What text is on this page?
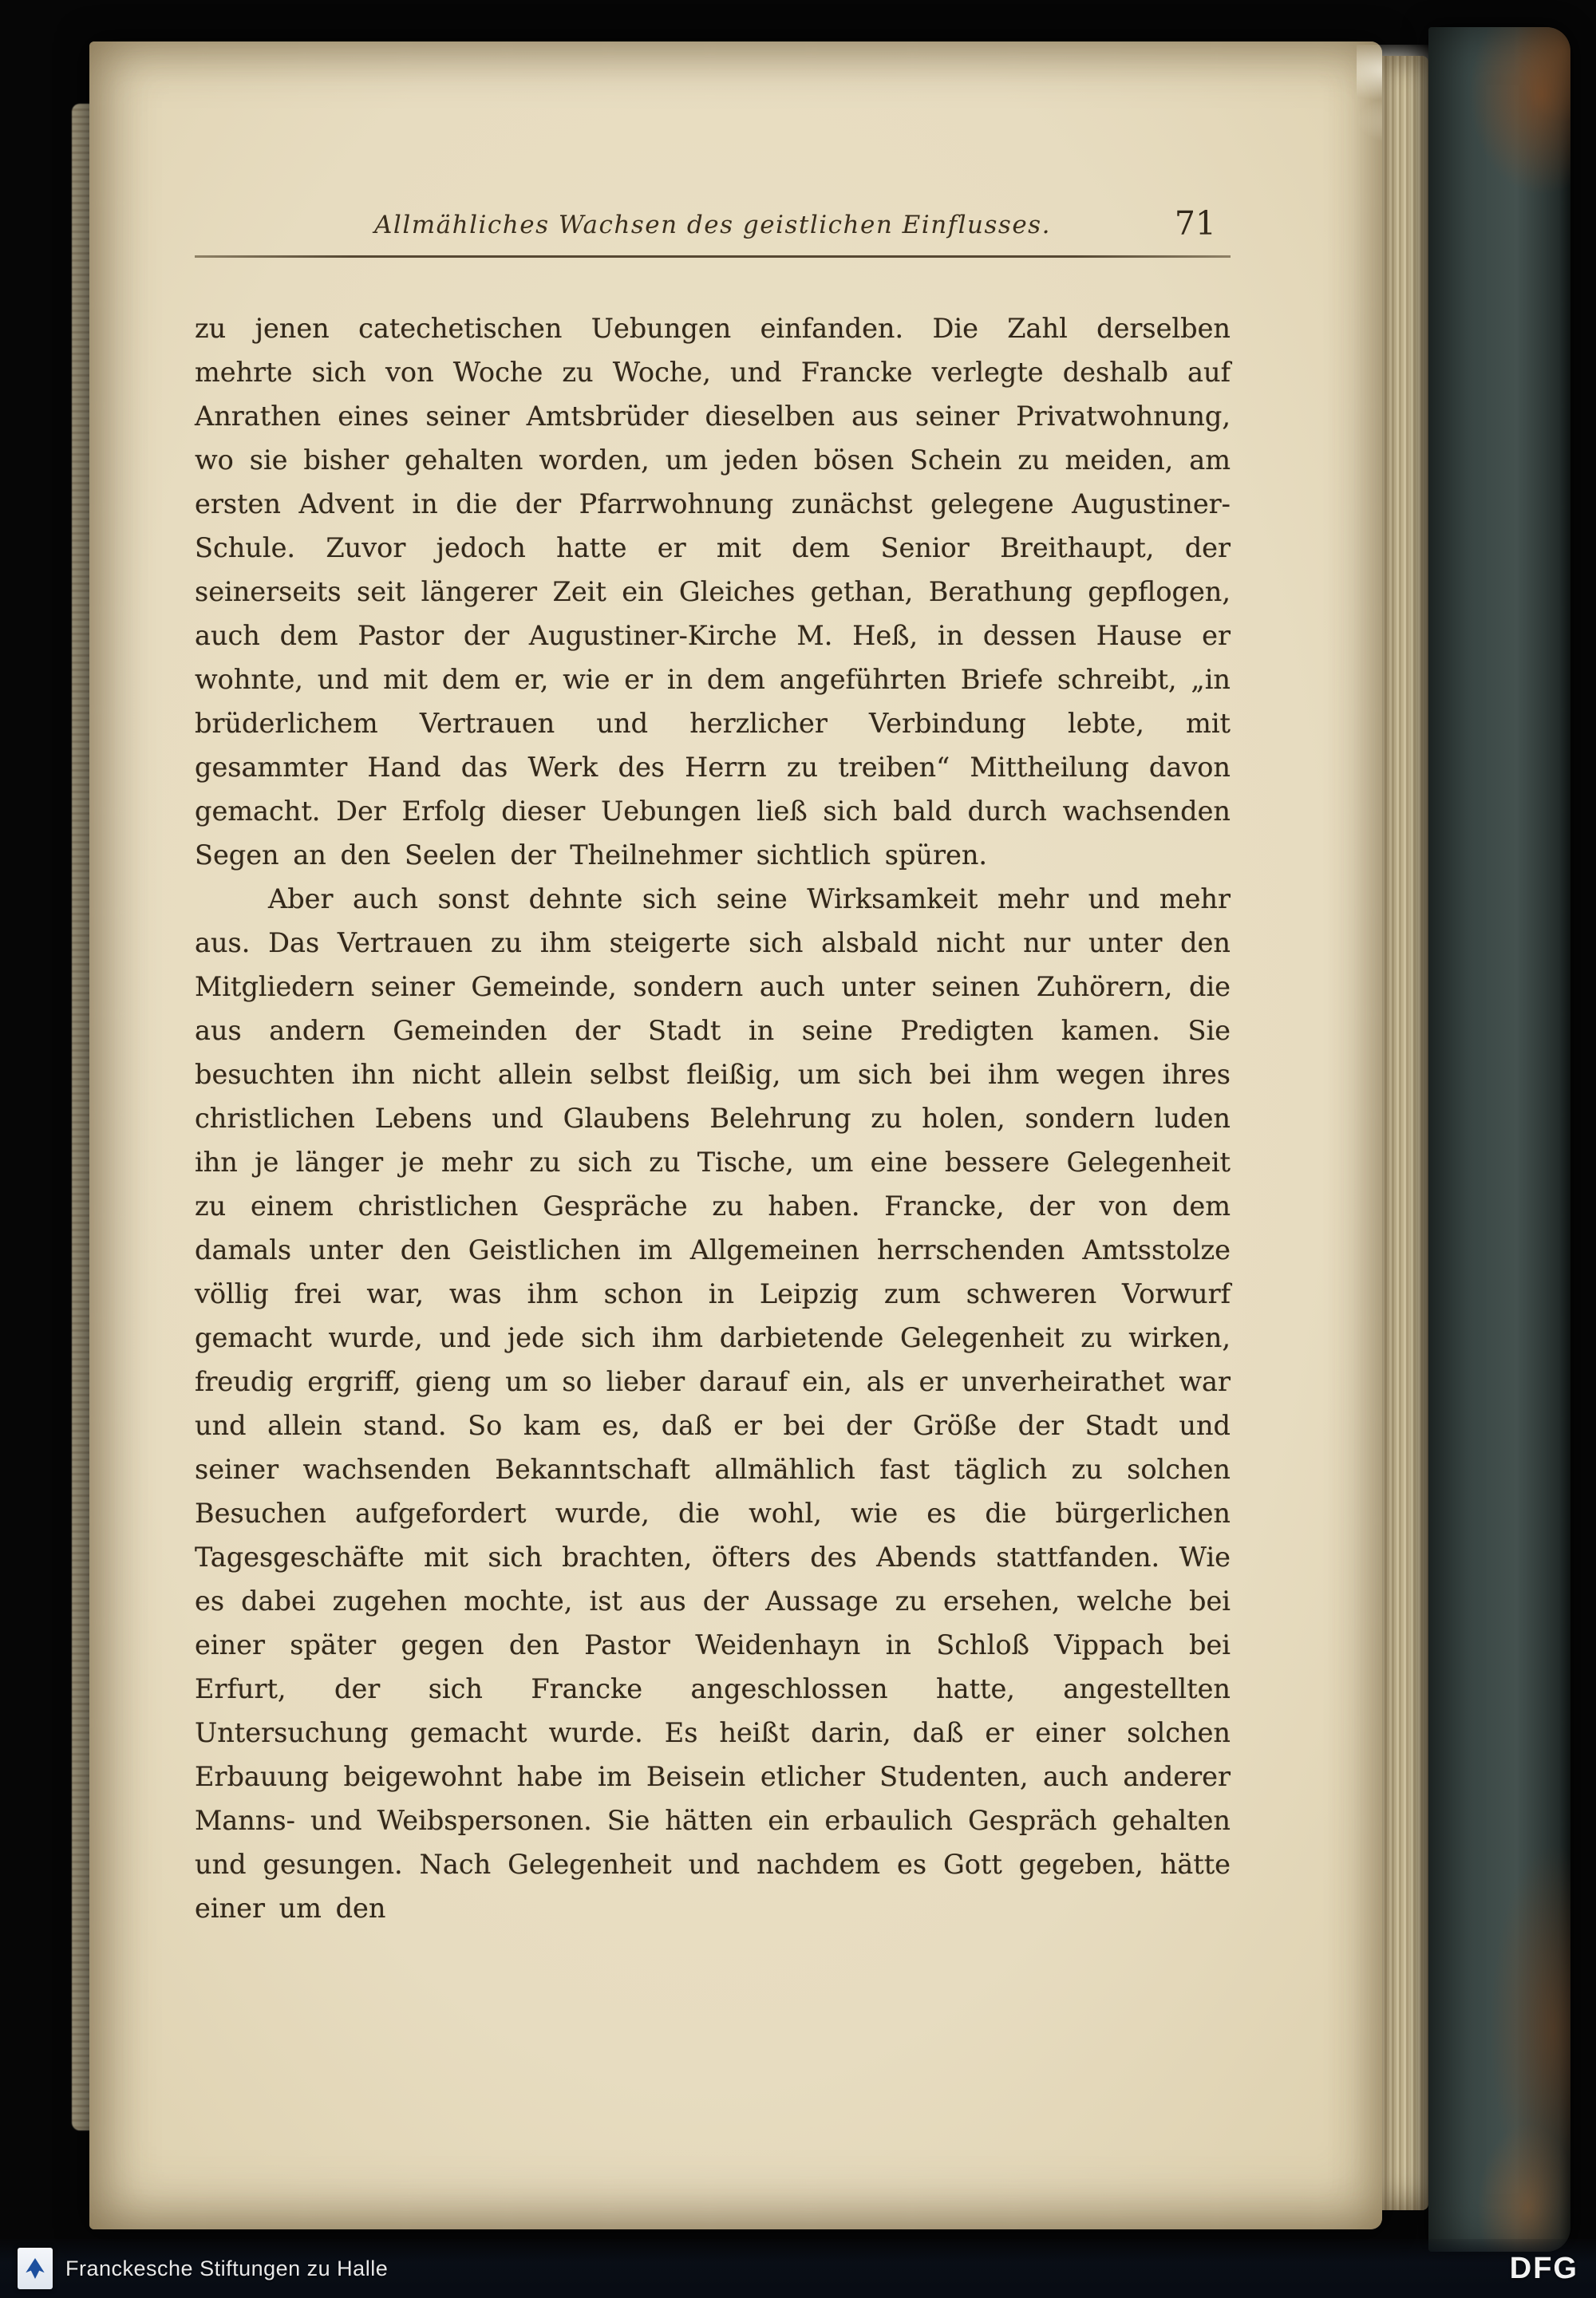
Allmähliches Wachsen des geistlichen Einflusses.	71

zu jenen catechetischen Uebungen einfanden. Die Zahl derselben mehrte sich von Woche zu Woche, und Francke verlegte deshalb auf Anrathen eines seiner Amtsbrüder dieselben aus seiner Privatwohnung, wo sie bisher gehalten worden, um jeden bösen Schein zu meiden, am ersten Advent in die der Pfarrwohnung zunächst gelegene Augustiner-Schule. Zuvor jedoch hatte er mit dem Senior Breithaupt, der seinerseits seit längerer Zeit ein Gleiches gethan, Berathung gepflogen, auch dem Pastor der Augustiner-Kirche M. Heß, in dessen Hause er wohnte, und mit dem er, wie er in dem angeführten Briefe schreibt, „in brüderlichem Vertrauen und herzlicher Verbindung lebte, mit gesammter Hand das Werk des Herrn zu treiben“ Mittheilung davon gemacht. Der Erfolg dieser Uebungen ließ sich bald durch wachsenden Segen an den Seelen der Theilnehmer sichtlich spüren.

Aber auch sonst dehnte sich seine Wirksamkeit mehr und mehr aus. Das Vertrauen zu ihm steigerte sich alsbald nicht nur unter den Mitgliedern seiner Gemeinde, sondern auch unter seinen Zuhörern, die aus andern Gemeinden der Stadt in seine Predigten kamen. Sie besuchten ihn nicht allein selbst fleißig, um sich bei ihm wegen ihres christlichen Lebens und Glaubens Belehrung zu holen, sondern luden ihn je länger je mehr zu sich zu Tische, um eine bessere Gelegenheit zu einem christlichen Gespräche zu haben. Francke, der von dem damals unter den Geistlichen im Allgemeinen herrschenden Amtsstolze völlig frei war, was ihm schon in Leipzig zum schweren Vorwurf gemacht wurde, und jede sich ihm darbietende Gelegenheit zu wirken, freudig ergriff, gieng um so lieber darauf ein, als er unverheirathet war und allein stand. So kam es, daß er bei der Größe der Stadt und seiner wachsenden Bekanntschaft allmählich fast täglich zu solchen Besuchen aufgefordert wurde, die wohl, wie es die bürgerlichen Tagesgeschäfte mit sich brachten, öfters des Abends stattfanden. Wie es dabei zugehen mochte, ist aus der Aussage zu ersehen, welche bei einer später gegen den Pastor Weidenhayn in Schloß Vippach bei Erfurt, der sich Francke angeschlossen hatte, angestellten Untersuchung gemacht wurde. Es heißt darin, daß er einer solchen Erbauung beigewohnt habe im Beisein etlicher Studenten, auch anderer Manns- und Weibspersonen. Sie hätten ein erbaulich Gespräch gehalten und gesungen. Nach Gelegenheit und nachdem es Gott gegeben, hätte einer um den

Franckesche Stiftungen zu Halle	DFG
